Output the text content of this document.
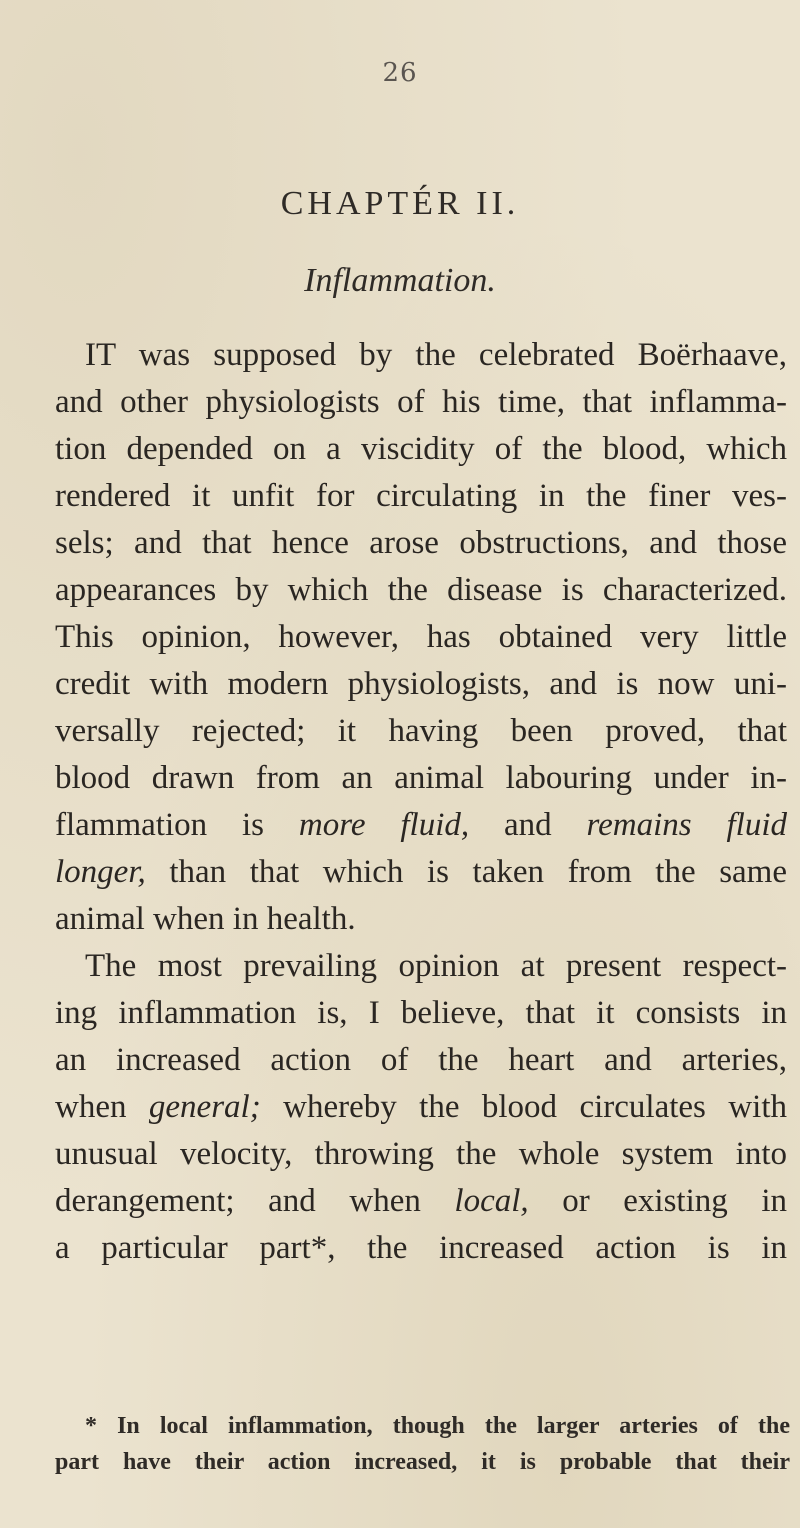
26
CHAPTÉR II.
Inflammation.
IT was supposed by the celebrated Boërhaave,
and other physiologists of his time, that inflamma-
tion depended on a viscidity of the blood, which
rendered it unfit for circulating in the finer ves-
sels; and that hence arose obstructions, and those
appearances by which the disease is characterized.
This opinion, however, has obtained very little
credit with modern physiologists, and is now uni-
versally rejected; it having been proved, that
blood drawn from an animal labouring under in-
flammation is more fluid, and remains fluid
longer, than that which is taken from the same
animal when in health.
The most prevailing opinion at present respect-
ing inflammation is, I believe, that it consists in
an increased action of the heart and arteries,
when general; whereby the blood circulates with
unusual velocity, throwing the whole system into
derangement; and when local, or existing in
a particular part*, the increased action is in
* In local inflammation, though the larger arteries of the
part have their action increased, it is probable that their
